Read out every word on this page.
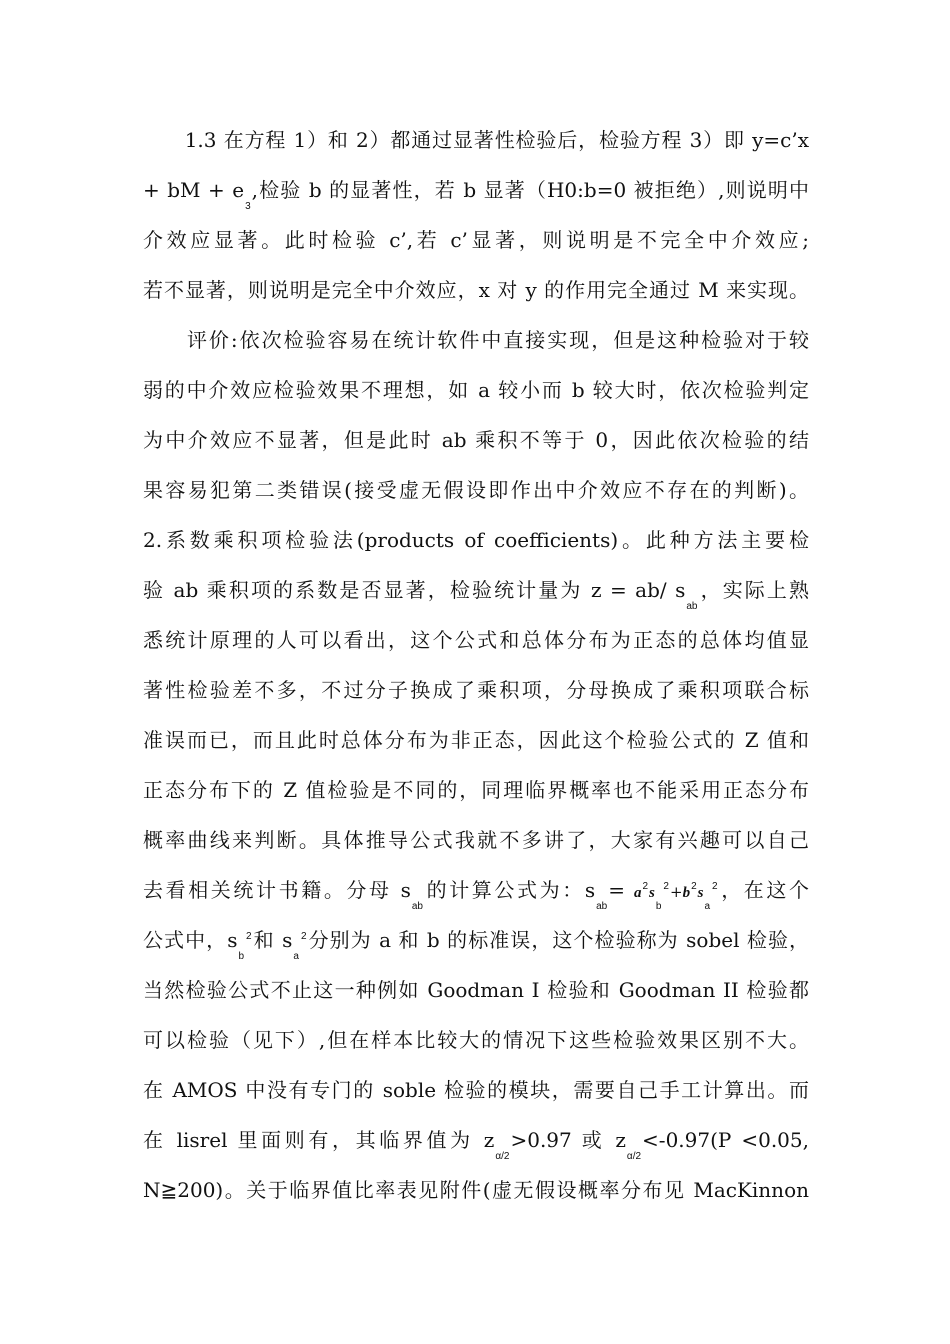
　　1.3 在方程 1）和 2）都通过显著性检验后，检验方程 3）即 y=c’x
+ bM + $e_3$,检验 b 的显著性，若 b 显著（H0:b=0 被拒绝）,则说明中
介效应显著。此时检验 c’,若 c’显著，则说明是不完全中介效应;
若不显著，则说明是完全中介效应，x 对 y 的作用完全通过 M 来实现。
　　评价:依次检验容易在统计软件中直接实现，但是这种检验对于较
弱的中介效应检验效果不理想，如 a 较小而 b 较大时，依次检验判定
为中介效应不显著，但是此时 ab 乘积不等于 0，因此依次检验的结
果容易犯第二类错误(接受虚无假设即作出中介效应不存在的判断)。
2.系数乘积项检验法(products of coefficients)。此种方法主要检
验 ab 乘积项的系数是否显著，检验统计量为 z = ab/ $s_{ab}$，实际上熟
悉统计原理的人可以看出，这个公式和总体分布为正态的总体均值显
著性检验差不多，不过分子换成了乘积项，分母换成了乘积项联合标
准误而已，而且此时总体分布为非正态，因此这个检验公式的 Z 值和
正态分布下的 Z 值检验是不同的，同理临界概率也不能采用正态分布
概率曲线来判断。具体推导公式我就不多讲了，大家有兴趣可以自己
去看相关统计书籍。分母 $s_{ab}$的计算公式为：$s_{ab}= a^2s_b^2+b^2s_a^2$，在这个
公式中，$s_b^2$和 $s_a^2$分别为 a 和 b 的标准误，这个检验称为 sobel 检验，
当然检验公式不止这一种例如 Goodman I 检验和 Goodman II 检验都
可以检验（见下）,但在样本比较大的情况下这些检验效果区别不大。
在 AMOS 中没有专门的 soble 检验的模块，需要自己手工计算出。而
在 lisrel 里面则有，其临界值为 $z_{\alpha/2}>0.97$ 或 $z_{\alpha/2}<-0.97(P <0.05$,
N≧200)。关于临界值比率表见附件(虚无假设概率分布见 MacKinnon
